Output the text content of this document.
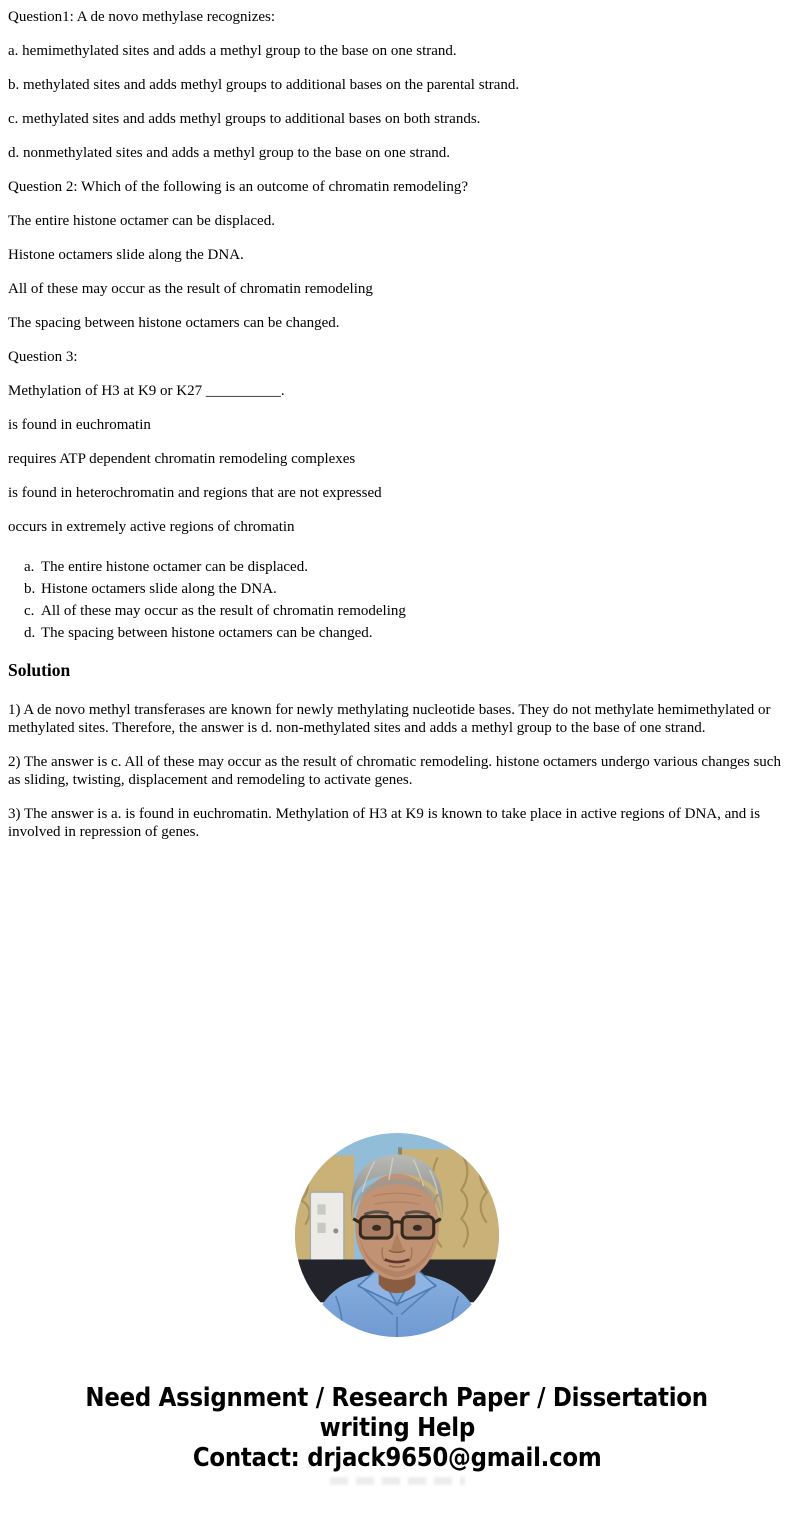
Question1: A de novo methylase recognizes:

a. hemimethylated sites and adds a methyl group to the base on one strand.

b. methylated sites and adds methyl groups to additional bases on the parental strand.

c. methylated sites and adds methyl groups to additional bases on both strands.

d. nonmethylated sites and adds a methyl group to the base on one strand.

Question 2: Which of the following is an outcome of chromatin remodeling?

The entire histone octamer can be displaced.

Histone octamers slide along the DNA.

All of these may occur as the result of chromatin remodeling

The spacing between histone octamers can be changed.

Question 3:

Methylation of H3 at K9 or K27 __________.

is found in euchromatin

requires ATP dependent chromatin remodeling complexes

is found in heterochromatin and regions that are not expressed

occurs in extremely active regions of chromatin

a. The entire histone octamer can be displaced.
b. Histone octamers slide along the DNA.
c. All of these may occur as the result of chromatin remodeling
d. The spacing between histone octamers can be changed.
Solution

1) A de novo methyl transferases are known for newly methylating nucleotide bases. They do not methylate hemimethylated or methylated sites. Therefore, the answer is d. non-methylated sites and adds a methyl group to the base of one strand.

2) The answer is c. All of these may occur as the result of chromatic remodeling. histone octamers undergo various changes such as sliding, twisting, displacement and remodeling to activate genes.

3) The answer is a. is found in euchromatin. Methylation of H3 at K9 is known to take place in active regions of DNA, and is involved in repression of genes.

Need Assignment / Research Paper / Dissertation
writing Help
Contact: drjack9650@gmail.com
